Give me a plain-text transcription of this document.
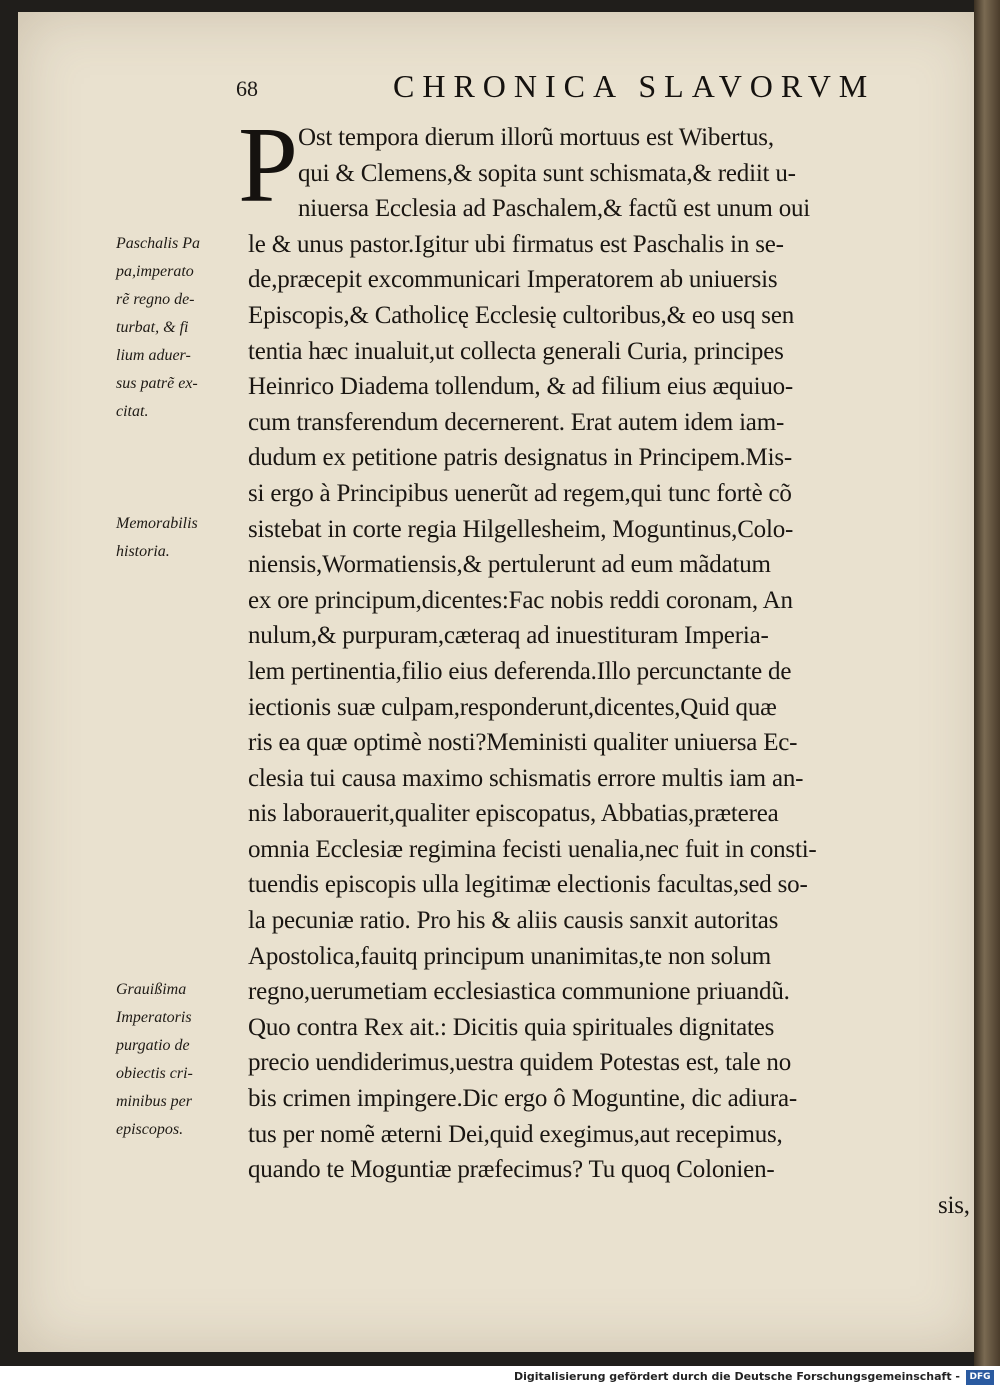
68	CHRONICA SLAVORVM
P Ost tempora dierum illorũ mortuus est Wibertus,
qui & Clemens,& sopita sunt schismata,& rediit u-
niuersa Ecclesia ad Paschalem,& factũ est unum oui
le & unus pastor.Igitur ubi firmatus est Paschalis in se-
de,præcepit excommunicari Imperatorem ab uniuersis
Episcopis,& Catholicę Ecclesię cultoribus,& eo usq sen
tentia hæc inualuit,ut collecta generali Curia, principes
Heinrico Diadema tollendum, & ad filium eius æquiuo-
cum transferendum decernerent. Erat autem idem iam-
dudum ex petitione patris designatus in Principem.Mis-
si ergo à Principibus uenerũt ad regem,qui tunc fortè cõ
sistebat in corte regia Hilgellesheim, Moguntinus,Colo-
niensis,Wormatiensis,& pertulerunt ad eum mãdatum
ex ore principum,dicentes:Fac nobis reddi coronam, An
nulum,& purpuram,cæteraq ad inuestituram Imperia-
lem pertinentia,filio eius deferenda.Illo percunctante de
iectionis suæ culpam,responderunt,dicentes,Quid quæ
ris ea quæ optimè nosti?Meministi qualiter uniuersa Ec-
clesia tui causa maximo schismatis errore multis iam an-
nis laborauerit,qualiter episcopatus, Abbatias,præterea
omnia Ecclesiæ regimina fecisti uenalia,nec fuit in consti-
tuendis episcopis ulla legitimæ electionis facultas,sed so-
la pecuniæ ratio. Pro his & aliis causis sanxit autoritas
Apostolica,fauitq principum unanimitas,te non solum
regno,uerumetiam ecclesiastica communione priuandũ.
Quo contra Rex ait.: Dicitis quia spirituales dignitates
precio uendiderimus,uestra quidem Potestas est, tale no
bis crimen impingere.Dic ergo ô Moguntine, dic adiura-
tus per nomẽ æterni Dei,quid exegimus,aut recepimus,
quando te Moguntiæ præfecimus? Tu quoq Colonien-
sis,
Paschalis Pa
pa,imperato
rẽ regno de-
turbat, & fi
lium aduer-
sus patrẽ ex-
citat.
Memorabilis
historia.
Grauißima
Imperatoris
purgatio de
obiectis cri-
minibus per
episcopos.
Digitalisierung gefördert durch die Deutsche Forschungsgemeinschaft -	DFG
